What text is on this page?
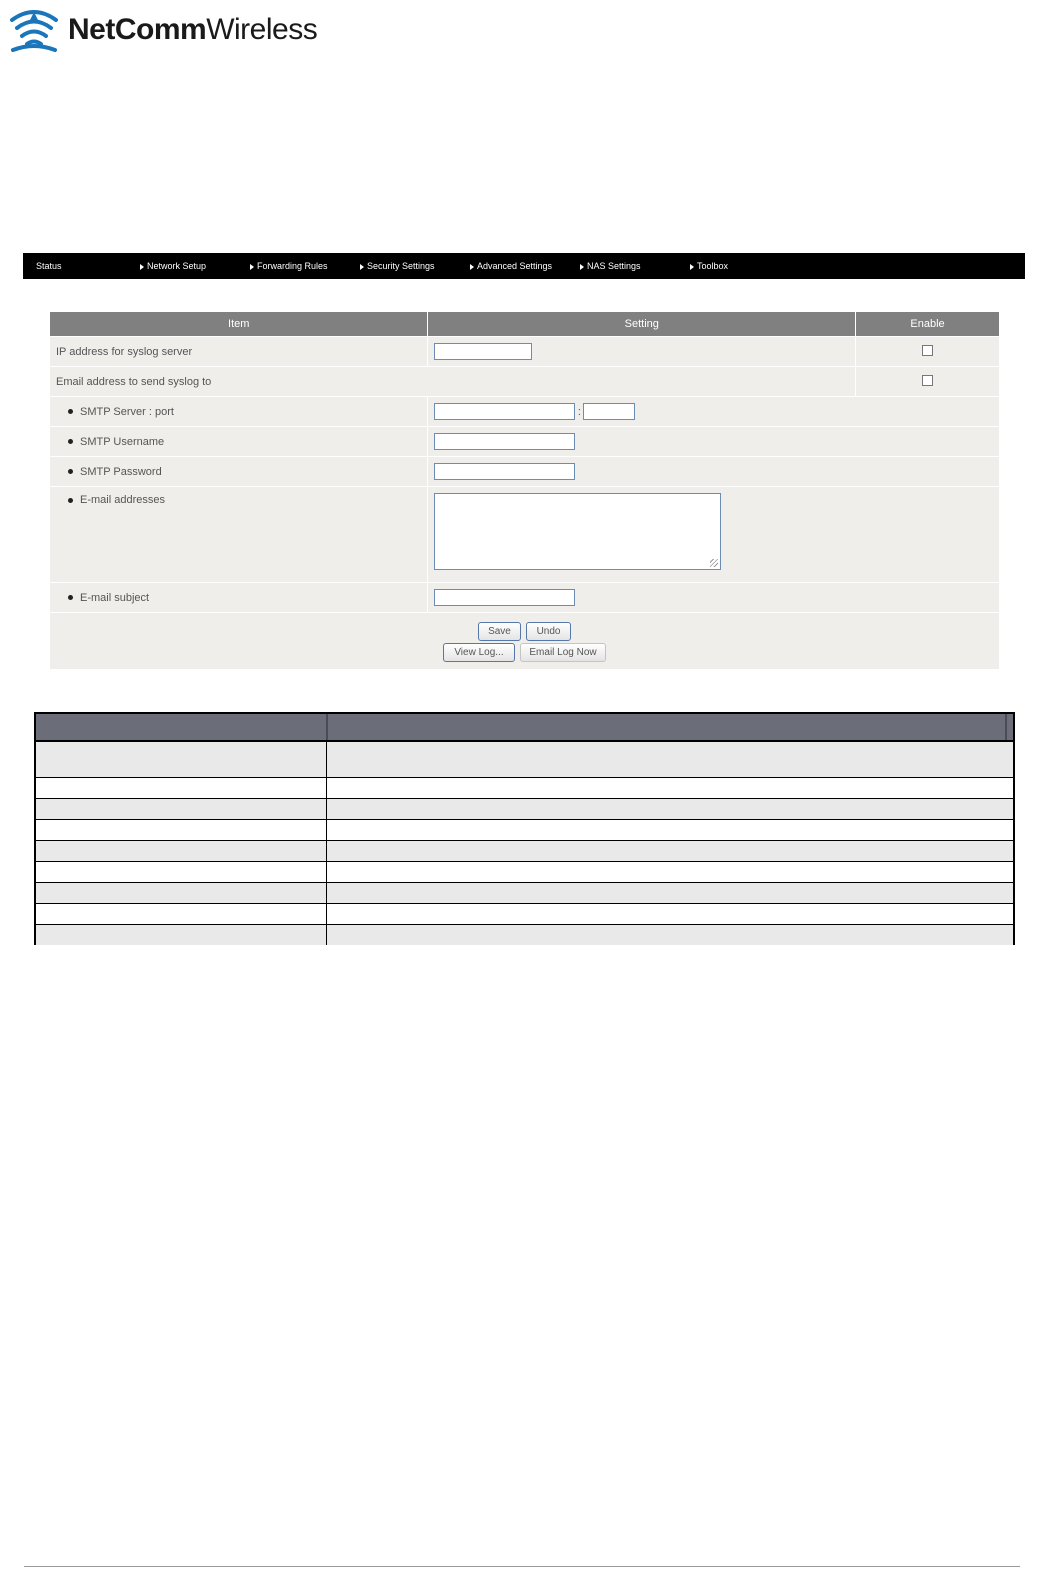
NetCommWireless
Status	Network Setup	Forwarding Rules	Security Settings	Advanced Settings	NAS Settings	Toolbox
Item	Setting	Enable
IP address for syslog server		
Email address to send syslog to		
SMTP Server : port	:	
SMTP Username		
SMTP Password		
E-mail addresses		

E-mail subject		

Save Undo
View Log... Email Log Now		
